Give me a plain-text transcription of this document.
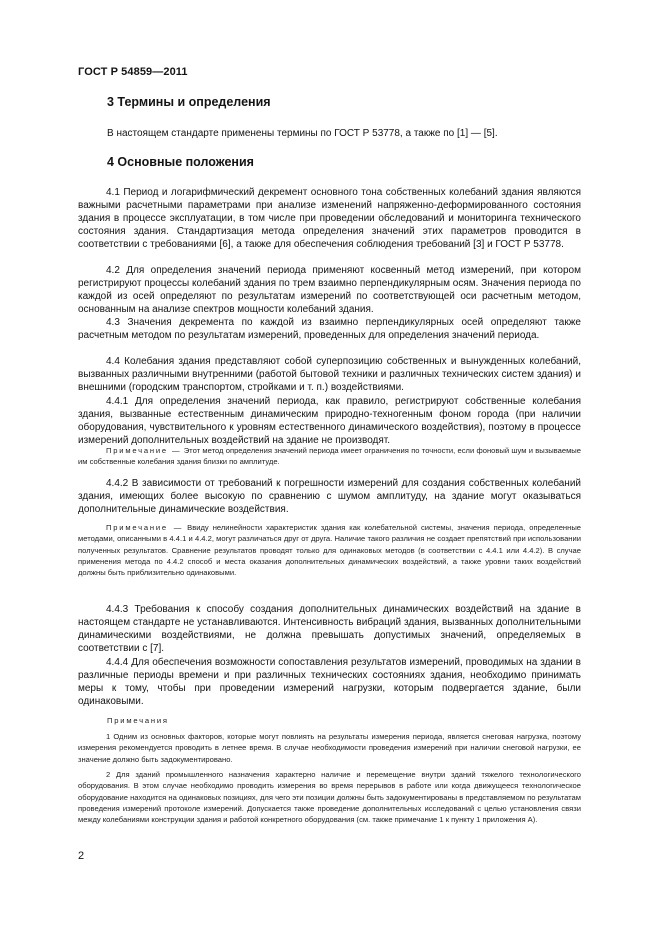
ГОСТ Р 54859—2011
3 Термины и определения

В настоящем стандарте применены термины по ГОСТ Р 53778, а также по [1] — [5].

4 Основные положения

4.1 Период и логарифмический декремент основного тона собственных колебаний здания являются важными расчетными параметрами при анализе изменений напряженно-деформированного состояния здания в процессе эксплуатации, в том числе при проведении обследований и мониторинга технического состояния здания. Стандартизация метода определения значений этих параметров проводится в соответствии с требованиями [6], а также для обеспечения соблюдения требований [3] и ГОСТ Р 53778.

4.2 Для определения значений периода применяют косвенный метод измерений, при котором регистрируют процессы колебаний здания по трем взаимно перпендикулярным осям. Значения периода по каждой из осей определяют по результатам измерений по соответствующей оси расчетным методом, основанным на анализе спектров мощности колебаний здания.

4.3 Значения декремента по каждой из взаимно перпендикулярных осей определяют также расчетным методом по результатам измерений, проведенных для определения значений периода.

4.4 Колебания здания представляют собой суперпозицию собственных и вынужденных колебаний, вызванных различными внутренними (работой бытовой техники и различных технических систем здания) и внешними (городским транспортом, стройками и т. п.) воздействиями.

4.4.1 Для определения значений периода, как правило, регистрируют собственные колебания здания, вызванные естественным динамическим природно-техногенным фоном города (при наличии оборудования, чувствительного к уровням естественного динамического воздействия), поэтому в процессе измерений дополнительных воздействий на здание не производят.

Примечание — Этот метод определения значений периода имеет ограничения по точности, если фоновый шум и вызываемые им собственные колебания здания близки по амплитуде.

4.4.2 В зависимости от требований к погрешности измерений для создания собственных колебаний здания, имеющих более высокую по сравнению с шумом амплитуду, на здание могут оказываться дополнительные динамические воздействия.

Примечание — Ввиду нелинейности характеристик здания как колебательной системы, значения периода, определенные методами, описанными в 4.4.1 и 4.4.2, могут различаться друг от друга. Наличие такого различия не создает препятствий при использовании полученных результатов. Сравнение результатов проводят только для одинаковых методов (в соответствии с 4.4.1 или 4.4.2). В случае применения метода по 4.4.2 способ и места оказания дополнительных динамических воздействий, а также уровни таких воздействий должны быть приблизительно одинаковыми.

4.4.3 Требования к способу создания дополнительных динамических воздействий на здание в настоящем стандарте не устанавливаются. Интенсивность вибраций здания, вызванных дополнительными динамическими воздействиями, не должна превышать допустимых значений, определяемых в соответствии с [7].

4.4.4 Для обеспечения возможности сопоставления результатов измерений, проводимых на здании в различные периоды времени и при различных технических состояниях здания, необходимо принимать меры к тому, чтобы при проведении измерений нагрузки, которым подвергается здание, были одинаковыми.

Примечания

1 Одним из основных факторов, которые могут повлиять на результаты измерения периода, является снеговая нагрузка, поэтому измерения рекомендуется проводить в летнее время. В случае необходимости проведения измерений при наличии снеговой нагрузки, ее значение должно быть задокументировано.

2 Для зданий промышленного назначения характерно наличие и перемещение внутри зданий тяжелого технологического оборудования. В этом случае необходимо проводить измерения во время перерывов в работе или когда движущееся технологическое оборудование находится на одинаковых позициях, для чего эти позиции должны быть задокументированы в представляемом по результатам проведения измерений протоколе измерений. Допускается также проведение дополнительных исследований с целью установления связи между колебаниями конструкции здания и работой конкретного оборудования (см. также примечание 1 к пункту 1 приложения А).

2
